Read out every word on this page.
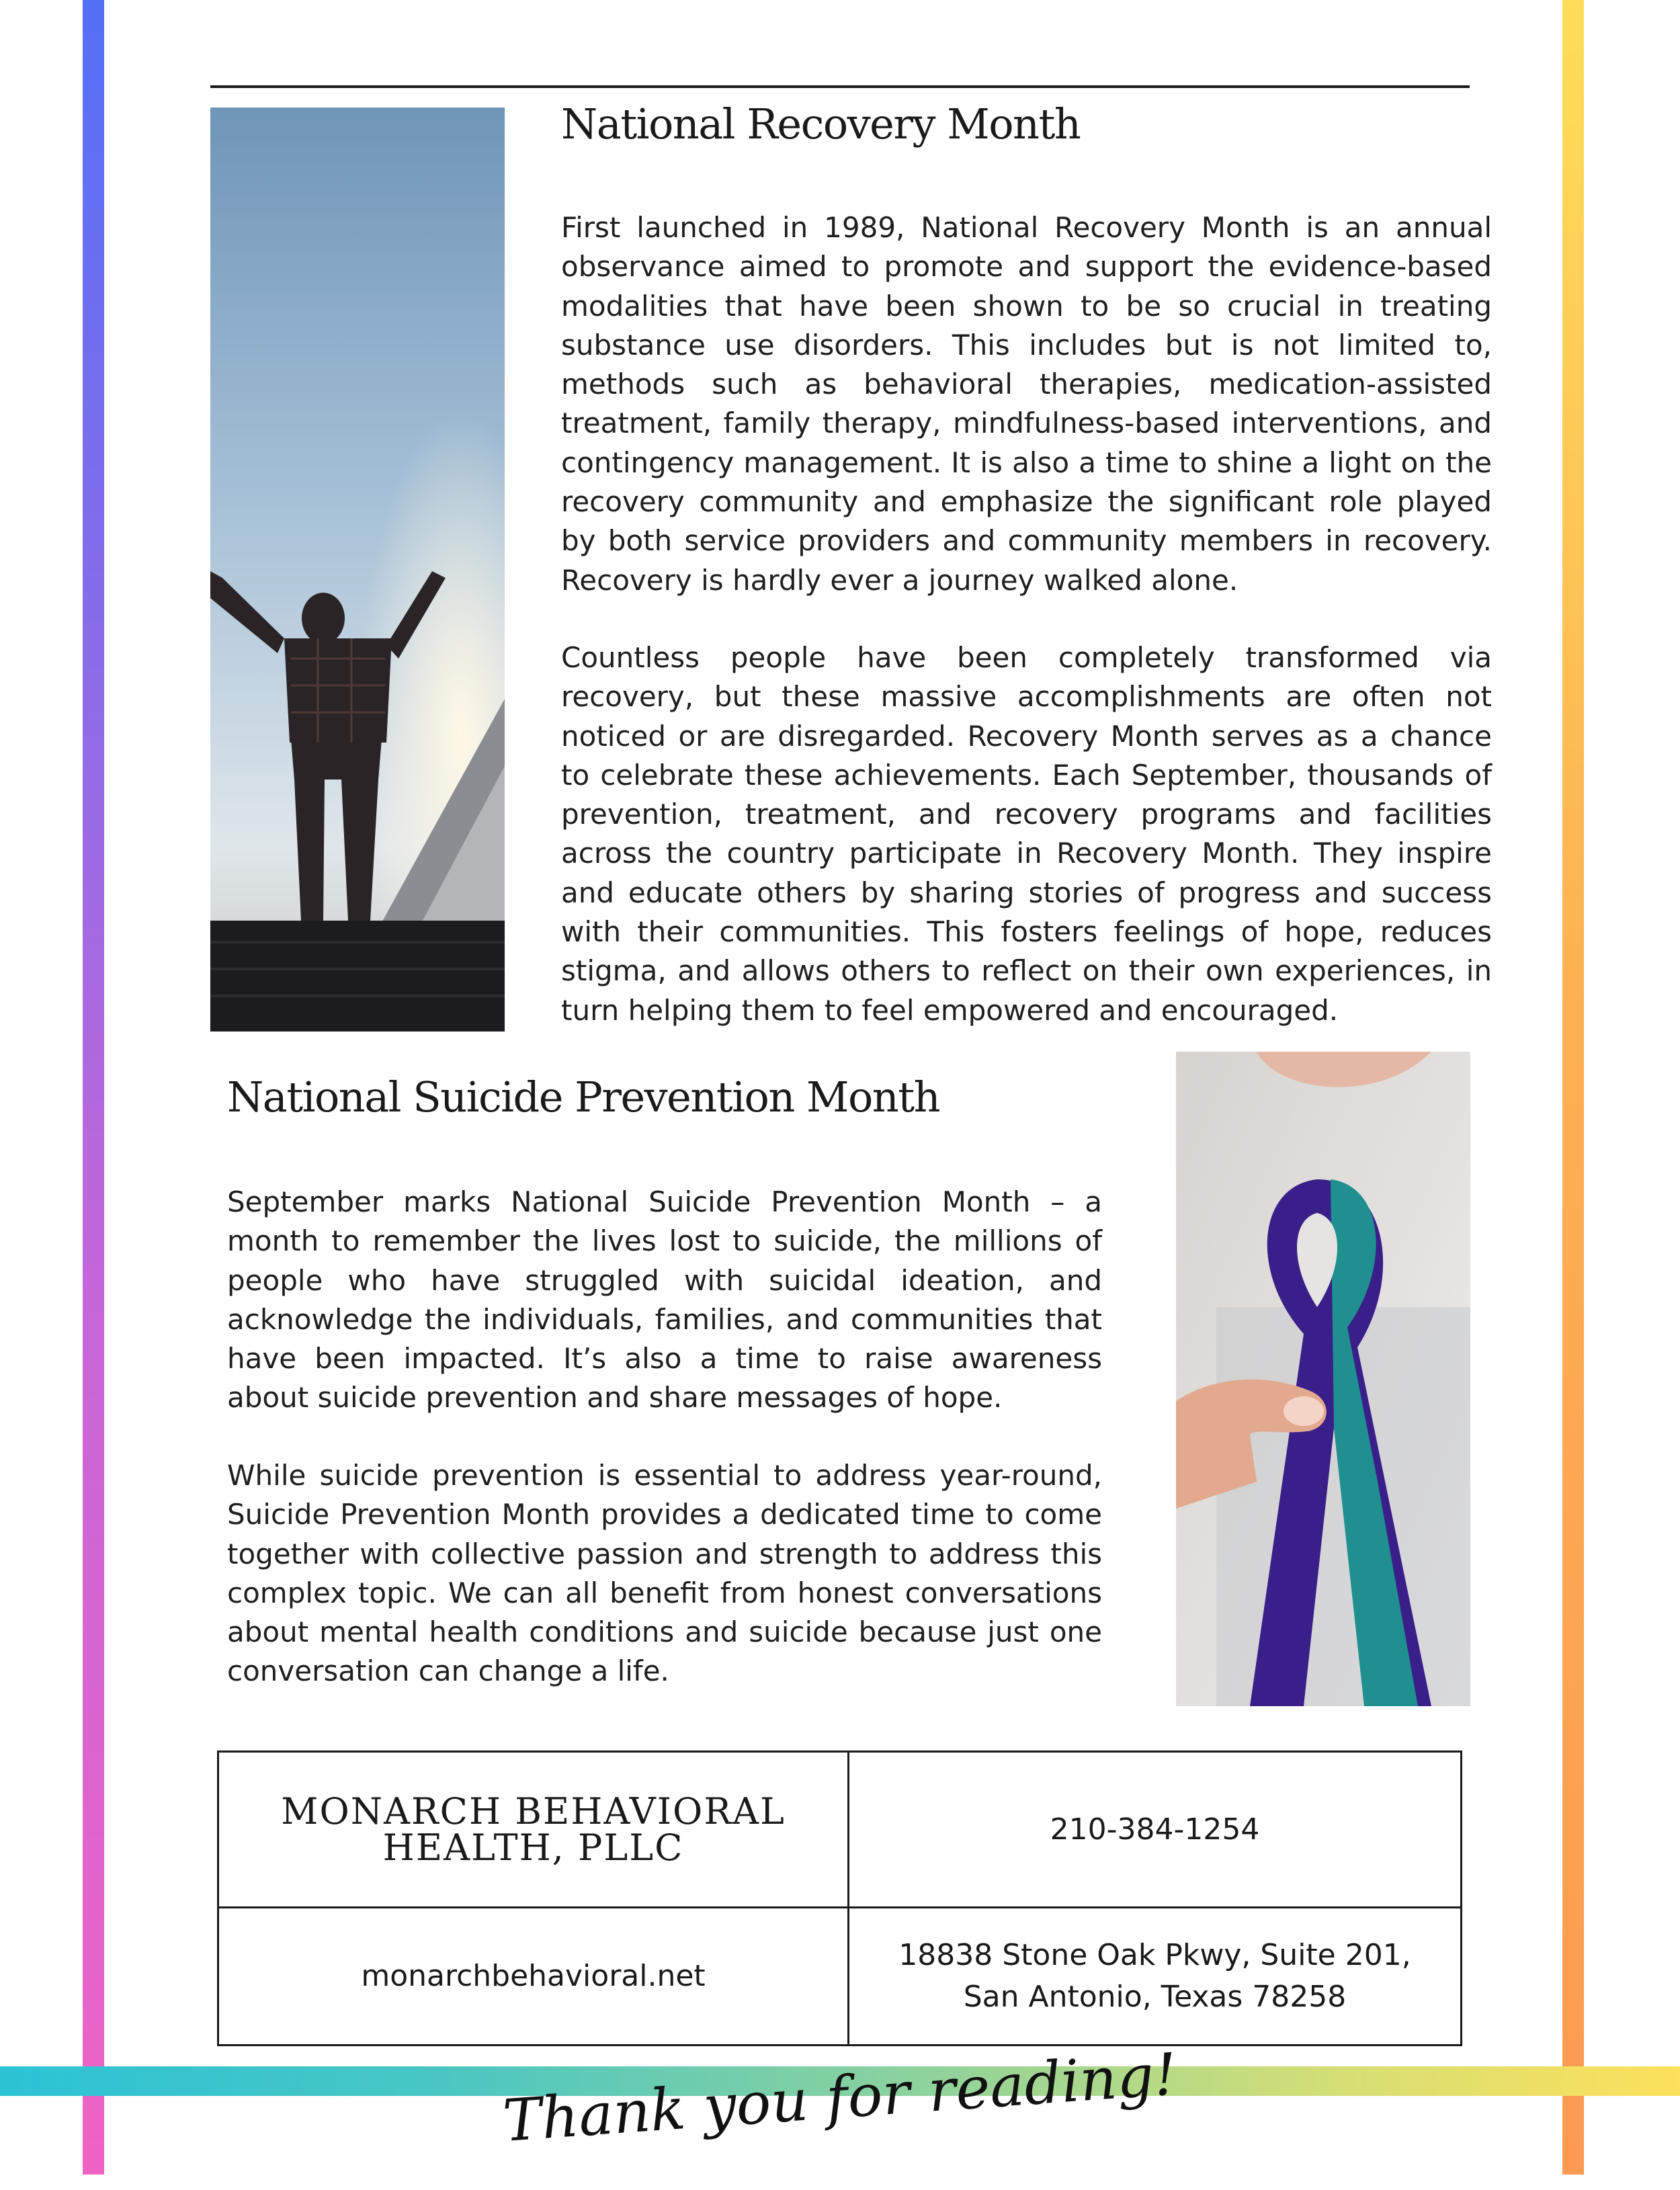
National Recovery Month

First launched in 1989, National Recovery Month is an annual observance aimed to promote and support the evidence-based modalities that have been shown to be so crucial in treating substance use disorders. This includes but is not limited to, methods such as behavioral therapies, medication-assisted treatment, family therapy, mindfulness-based interventions, and contingency management. It is also a time to shine a light on the recovery community and emphasize the significant role played by both service providers and community members in recovery. Recovery is hardly ever a journey walked alone.

Countless people have been completely transformed via recovery, but these massive accomplishments are often not noticed or are disregarded. Recovery Month serves as a chance to celebrate these achievements. Each September, thousands of prevention, treatment, and recovery programs and facilities across the country participate in Recovery Month. They inspire and educate others by sharing stories of progress and success with their communities. This fosters feelings of hope, reduces stigma, and allows others to reflect on their own experiences, in turn helping them to feel empowered and encouraged.

National Suicide Prevention Month

September marks National Suicide Prevention Month – a month to remember the lives lost to suicide, the millions of people who have struggled with suicidal ideation, and acknowledge the individuals, families, and communities that have been impacted. It’s also a time to raise awareness about suicide prevention and share messages of hope.

While suicide prevention is essential to address year-round, Suicide Prevention Month provides a dedicated time to come together with collective passion and strength to address this complex topic. We can all benefit from honest conversations about mental health conditions and suicide because just one conversation can change a life.

MONARCH BEHAVIORAL HEALTH, PLLC	210-384-1254
monarchbehavioral.net
18838 Stone Oak Pkwy, Suite 201,
San Antonio, Texas 78258
Thank you for reading!
